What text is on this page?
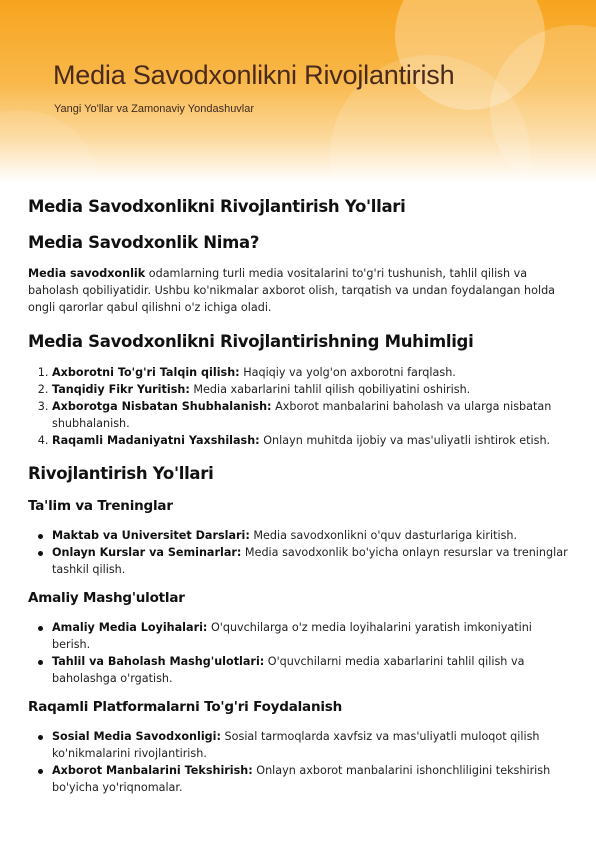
Media Savodxonlikni Rivojlantirish

Yangi Yo'llar va Zamonaviy Yondashuvlar

Media Savodxonlikni Rivojlantirish Yo'llari
Media Savodxonlik Nima?

Media savodxonlik odamlarning turli media vositalarini to'g'ri tushunish, tahlil qilish va baholash qobiliyatidir. Ushbu ko'nikmalar axborot olish, tarqatish va undan foydalangan holda ongli qarorlar qabul qilishni o'z ichiga oladi.

Media Savodxonlikni Rivojlantirishning Muhimligi
1. Axborotni To'g'ri Talqin qilish: Haqiqiy va yolg'on axborotni farqlash.
2. Tanqidiy Fikr Yuritish: Media xabarlarini tahlil qilish qobiliyatini oshirish.
3. Axborotga Nisbatan Shubhalanish: Axborot manbalarini baholash va ularga nisbatan shubhalanish.
4. Raqamli Madaniyatni Yaxshilash: Onlayn muhitda ijobiy va mas'uliyatli ishtirok etish.
Rivojlantirish Yo'llari
Ta'lim va Treninglar
Maktab va Universitet Darslari: Media savodxonlikni o'quv dasturlariga kiritish.
Onlayn Kurslar va Seminarlar: Media savodxonlik bo'yicha onlayn resurslar va treninglar tashkil qilish.
Amaliy Mashg'ulotlar
Amaliy Media Loyihalari: O'quvchilarga o'z media loyihalarini yaratish imkoniyatini berish.
Tahlil va Baholash Mashg'ulotlari: O'quvchilarni media xabarlarini tahlil qilish va baholashga o'rgatish.
Raqamli Platformalarni To'g'ri Foydalanish
Sosial Media Savodxonligi: Sosial tarmoqlarda xavfsiz va mas'uliyatli muloqot qilish ko'nikmalarini rivojlantirish.
Axborot Manbalarini Tekshirish: Onlayn axborot manbalarini ishonchliligini tekshirish bo'yicha yo'riqnomalar.
